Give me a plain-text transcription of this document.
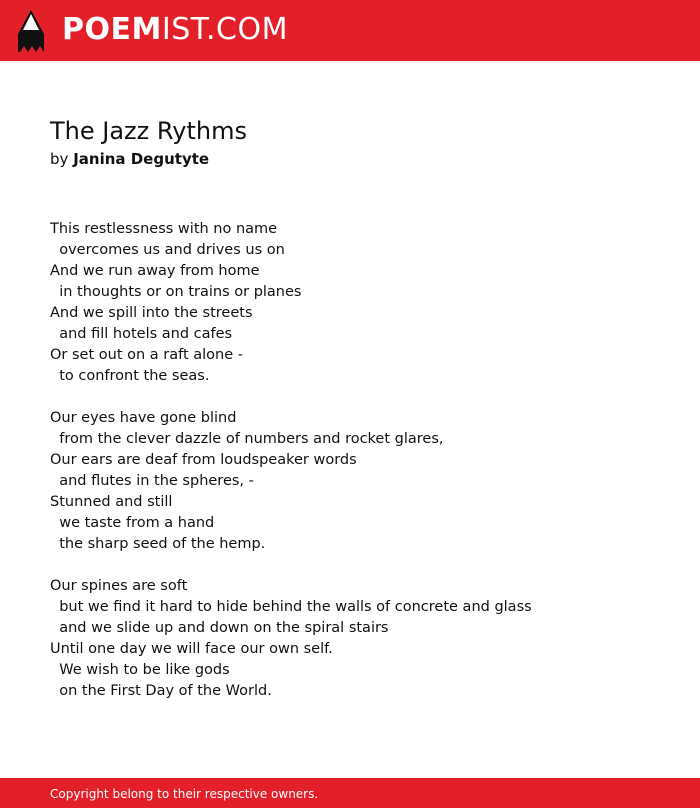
POEMIST.COM
The Jazz Rythms
by Janina Degutyte
This restlessness with no name
overcomes us and drives us on
And we run away from home
in thoughts or on trains or planes
And we spill into the streets
and fill hotels and cafes
Or set out on a raft alone -
to confront the seas.
Our eyes have gone blind
from the clever dazzle of numbers and rocket glares,
Our ears are deaf from loudspeaker words
and flutes in the spheres, -
Stunned and still
we taste from a hand
the sharp seed of the hemp.
Our spines are soft
but we find it hard to hide behind the walls of concrete and glass
and we slide up and down on the spiral stairs
Until one day we will face our own self.
We wish to be like gods
on the First Day of the World.
Copyright belong to their respective owners.
